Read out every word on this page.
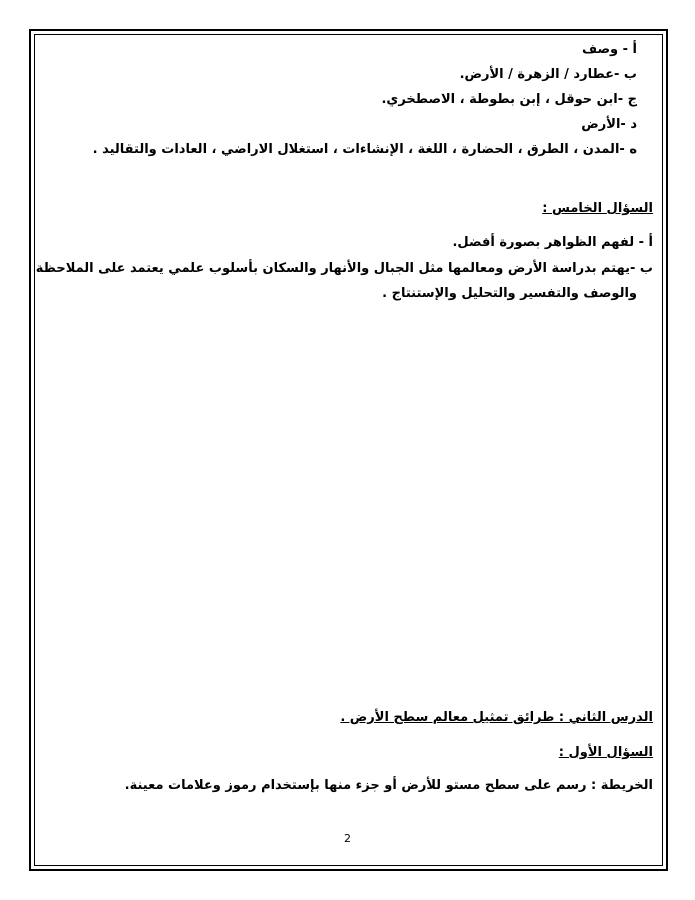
أ - وصف
ب -عطارد / الزهرة / الأرض.
ج -ابن حوقل ، إبن بطوطة ، الاصطخري.
د -الأرض
ه -المدن ، الطرق ، الحضارة ، اللغة ، الإنشاءات ، استغلال الاراضي ، العادات والتقاليد .
السؤال الخامس :
أ - لفهم الظواهر بصورة أفضل.
ب -يهتم بدراسة الأرض ومعالمها مثل الجبال والأنهار والسكان بأسلوب علمي يعتمد على الملاحظة
والوصف والتفسير والتحليل والإستنتاج .
الدرس الثاني : طرائق تمثيل معالم سطح الأرض .
السؤال الأول :
الخريطة : رسم على سطح مستو للأرض أو جزء منها بإستخدام رموز وعلامات معينة.
2
